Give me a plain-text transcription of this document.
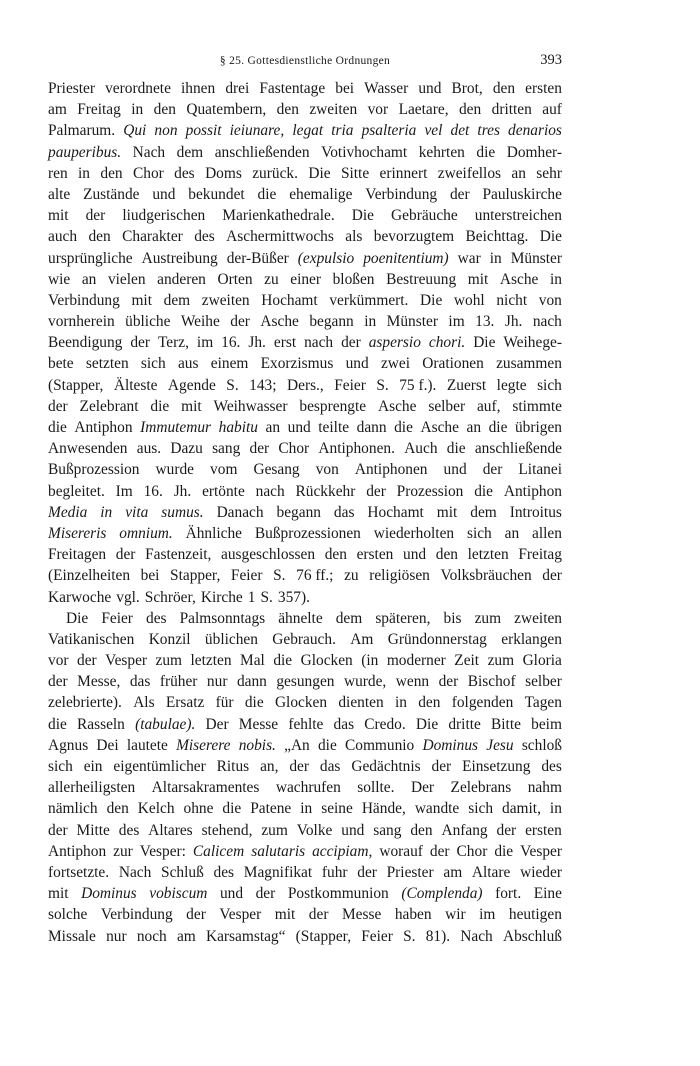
§ 25. Gottesdienstliche Ordnungen	393
Priester verordnete ihnen drei Fastentage bei Wasser und Brot, den ersten
am Freitag in den Quatembern, den zweiten vor Laetare, den dritten auf
Palmarum. Qui non possit ieiunare, legat tria psalteria vel det tres denarios
pauperibus. Nach dem anschließenden Votivhochamt kehrten die Domher-
ren in den Chor des Doms zurück. Die Sitte erinnert zweifellos an sehr
alte Zustände und bekundet die ehemalige Verbindung der Pauluskirche
mit der liudgerischen Marienkathedrale. Die Gebräuche unterstreichen
auch den Charakter des Aschermittwochs als bevorzugtem Beichttag. Die
ursprüngliche Austreibung der-Büßer (expulsio poenitentium) war in Münster
wie an vielen anderen Orten zu einer bloßen Bestreuung mit Asche in
Verbindung mit dem zweiten Hochamt verkümmert. Die wohl nicht von
vornherein übliche Weihe der Asche begann in Münster im 13. Jh. nach
Beendigung der Terz, im 16. Jh. erst nach der aspersio chori. Die Weihege-
bete setzten sich aus einem Exorzismus und zwei Orationen zusammen
(Stapper, Älteste Agende S. 143; Ders., Feier S. 75 f.). Zuerst legte sich
der Zelebrant die mit Weihwasser besprengte Asche selber auf, stimmte
die Antiphon Immutemur habitu an und teilte dann die Asche an die übrigen
Anwesenden aus. Dazu sang der Chor Antiphonen. Auch die anschließende
Bußprozession wurde vom Gesang von Antiphonen und der Litanei
begleitet. Im 16. Jh. ertönte nach Rückkehr der Prozession die Antiphon
Media in vita sumus. Danach begann das Hochamt mit dem Introitus
Misereris omnium. Ähnliche Bußprozessionen wiederholten sich an allen
Freitagen der Fastenzeit, ausgeschlossen den ersten und den letzten Freitag
(Einzelheiten bei Stapper, Feier S. 76 ff.; zu religiösen Volksbräuchen der
Karwoche vgl. Schröer, Kirche 1 S. 357).
Die Feier des Palmsonntags ähnelte dem späteren, bis zum zweiten
Vatikanischen Konzil üblichen Gebrauch. Am Gründonnerstag erklangen
vor der Vesper zum letzten Mal die Glocken (in moderner Zeit zum Gloria
der Messe, das früher nur dann gesungen wurde, wenn der Bischof selber
zelebrierte). Als Ersatz für die Glocken dienten in den folgenden Tagen
die Rasseln (tabulae). Der Messe fehlte das Credo. Die dritte Bitte beim
Agnus Dei lautete Miserere nobis. „An die Communio Dominus Jesu schloß
sich ein eigentümlicher Ritus an, der das Gedächtnis der Einsetzung des
allerheiligsten Altarsakramentes wachrufen sollte. Der Zelebrans nahm
nämlich den Kelch ohne die Patene in seine Hände, wandte sich damit, in
der Mitte des Altares stehend, zum Volke und sang den Anfang der ersten
Antiphon zur Vesper: Calicem salutaris accipiam, worauf der Chor die Vesper
fortsetzte. Nach Schluß des Magnifikat fuhr der Priester am Altare wieder
mit Dominus vobiscum und der Postkommunion (Complenda) fort. Eine
solche Verbindung der Vesper mit der Messe haben wir im heutigen
Missale nur noch am Karsamstag“ (Stapper, Feier S. 81). Nach Abschluß
